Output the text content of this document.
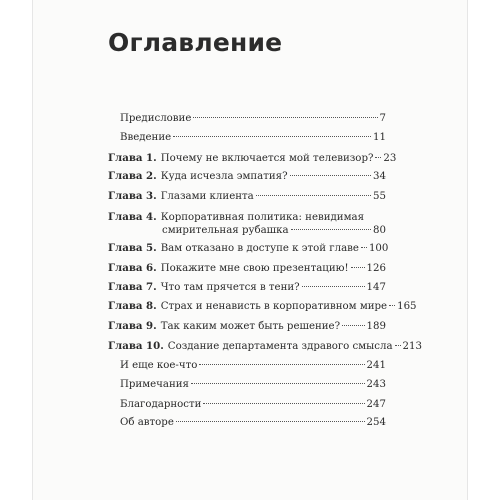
Оглавление
Предисловие	7
Введение	11
Глава 1. Почему не включается мой телевизор? 23
Глава 2. Куда исчезла эмпатия?	34
Глава 3. Глазами клиента	55
Глава 4. Корпоративная политика: невидимая
смирительная рубашка	80
Глава 5. Вам отказано в доступе к этой главе 100
Глава 6. Покажите мне свою презентацию! 126
Глава 7. Что там прячется в тени?	147
Глава 8. Страх и ненависть в корпоративном мире 165
Глава 9. Так каким может быть решение?	189
Глава 10. Создание департамента здравого смысла 213
И еще кое-что	241
Примечания	243
Благодарности	247
Об авторе	254
